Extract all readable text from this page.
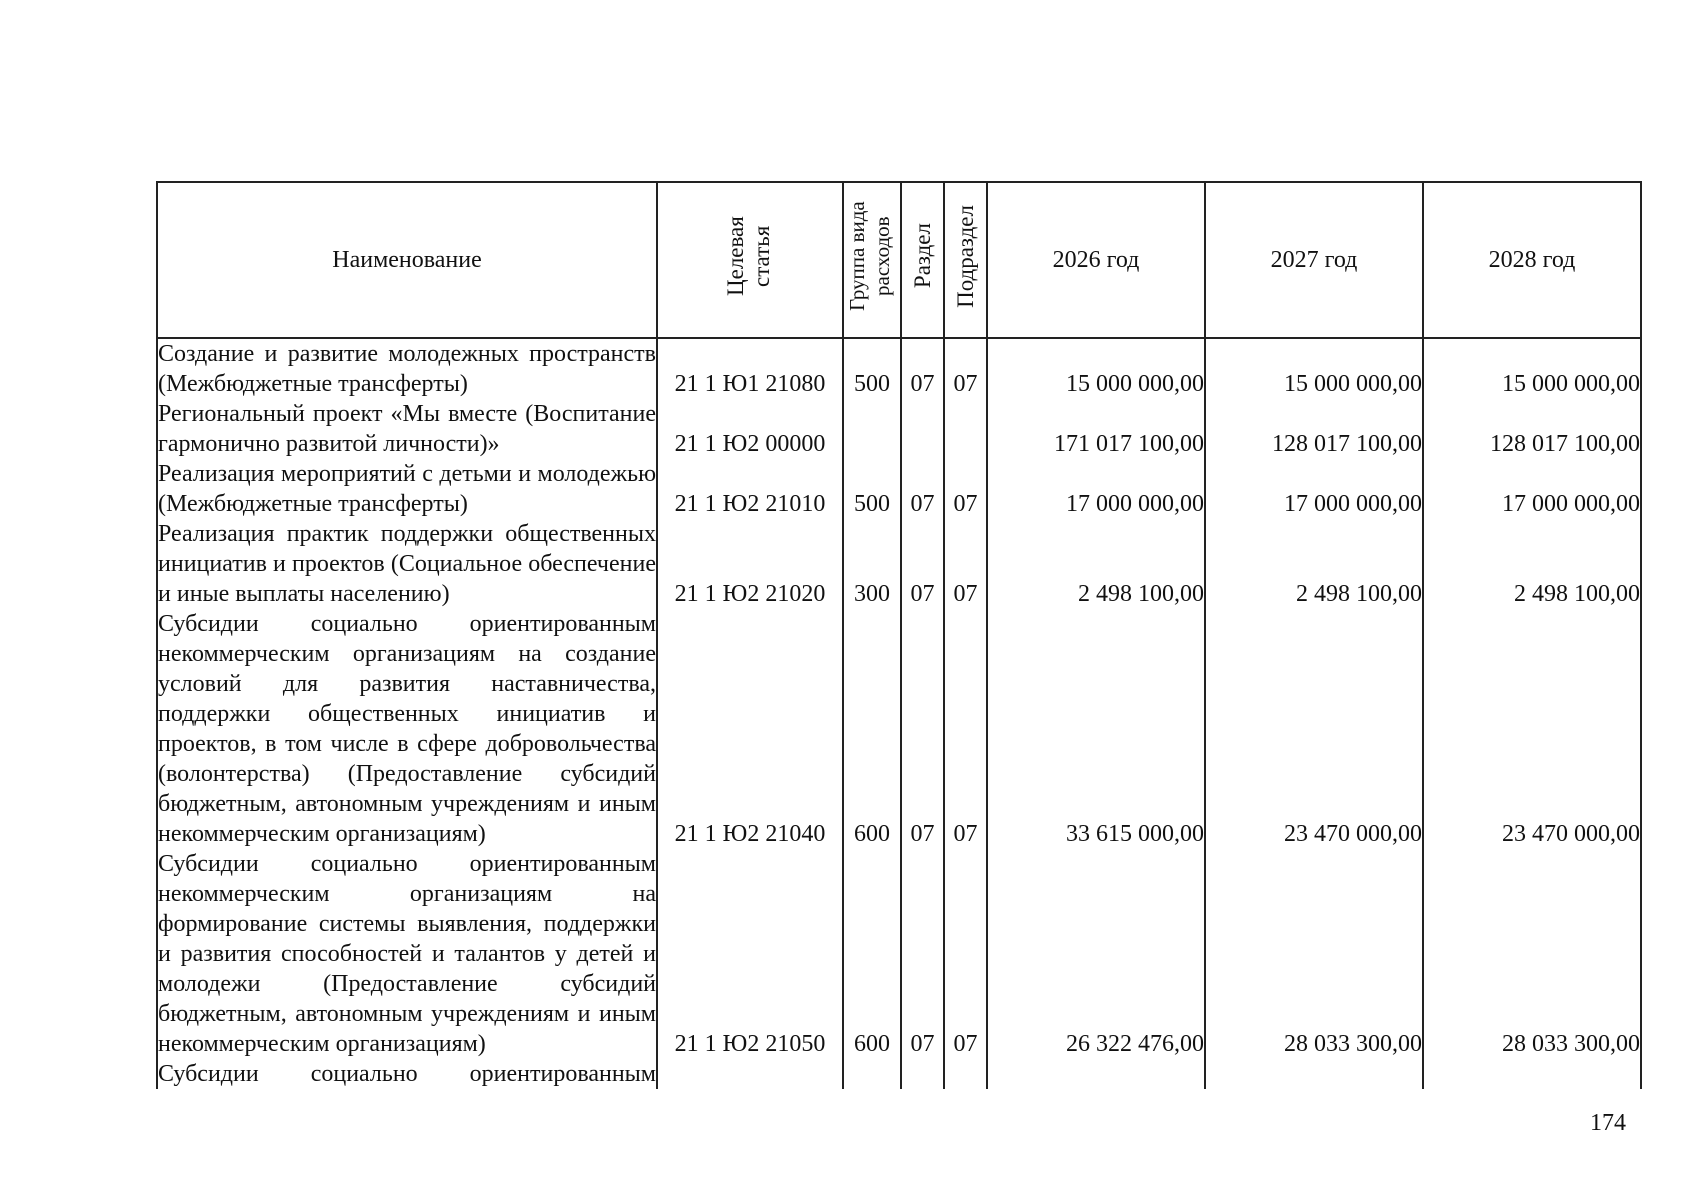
Наименование	Целевая статья	Группа вида расходов	Раздел	Подраздел	2026 год	2027 год	2028 год
Создание и развитие молодежных пространств (Межбюджетные трансферты)	21 1 Ю1 21080	500	07	07	15 000 000,00	15 000 000,00	15 000 000,00
Региональный проект «Мы вместе (Воспитание гармонично развитой личности)»	21 1 Ю2 00000				171 017 100,00	128 017 100,00	128 017 100,00
Реализация мероприятий с детьми и молодежью (Межбюджетные трансферты)	21 1 Ю2 21010	500	07	07	17 000 000,00	17 000 000,00	17 000 000,00
Реализация практик поддержки общественных инициатив и проектов (Социальное обеспечение и иные выплаты населению)	21 1 Ю2 21020	300	07	07	2 498 100,00	2 498 100,00	2 498 100,00
Субсидии социально ориентированным некоммерческим организациям на создание условий для развития наставничества, поддержки общественных инициатив и проектов, в том числе в сфере добровольчества (волонтерства) (Предоставление субсидий бюджетным, автономным учреждениям и иным некоммерческим организациям)	21 1 Ю2 21040	600	07	07	33 615 000,00	23 470 000,00	23 470 000,00
Субсидии социально ориентированным некоммерческим организациям на формирование системы выявления, поддержки и развития способностей и талантов у детей и молодежи (Предоставление субсидий бюджетным, автономным учреждениям и иным некоммерческим организациям)	21 1 Ю2 21050	600	07	07	26 322 476,00	28 033 300,00	28 033 300,00
Субсидии социально ориентированным							
174
